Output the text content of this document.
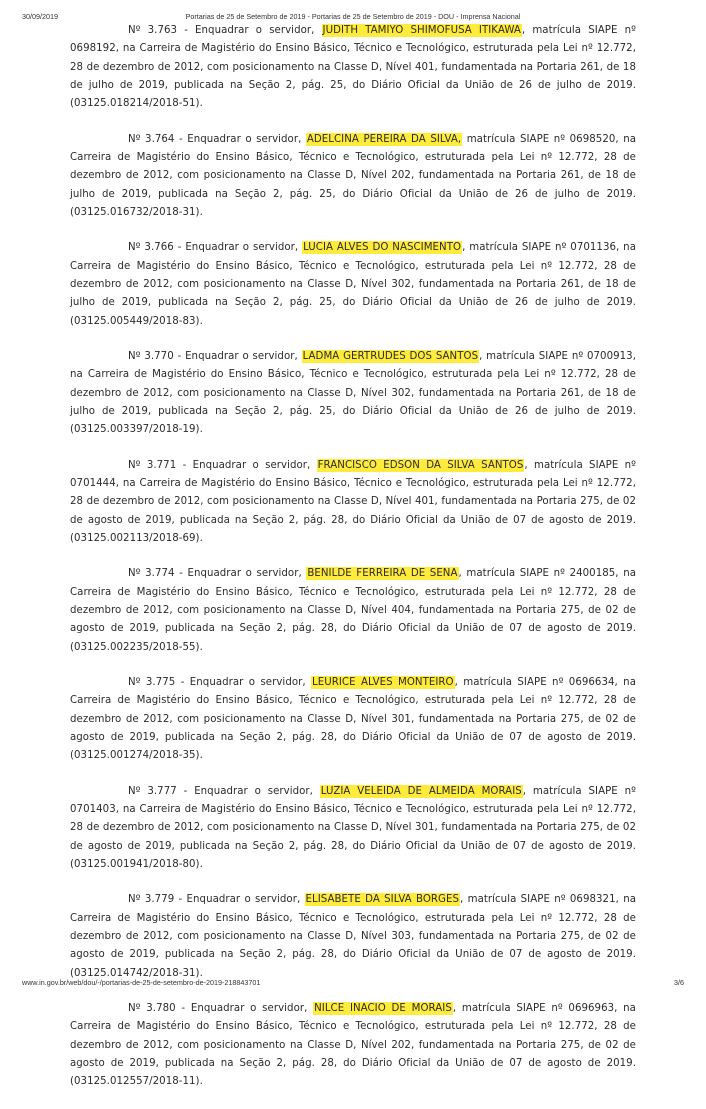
30/09/2019	Portarias de 25 de Setembro de 2019 - Portarias de 25 de Setembro de 2019 - DOU - Imprensa Nacional

Nº 3.763 - Enquadrar o servidor, JUDITH TAMIYO SHIMOFUSA ITIKAWA, matrícula SIAPE nº 0698192, na Carreira de Magistério do Ensino Básico, Técnico e Tecnológico, estruturada pela Lei nº 12.772, 28 de dezembro de 2012, com posicionamento na Classe D, Nível 401, fundamentada na Portaria 261, de 18 de julho de 2019, publicada na Seção 2, pág. 25, do Diário Oficial da União de 26 de julho de 2019. (03125.018214/2018-51).

Nº 3.764 - Enquadrar o servidor, ADELCINA PEREIRA DA SILVA, matrícula SIAPE nº 0698520, na Carreira de Magistério do Ensino Básico, Técnico e Tecnológico, estruturada pela Lei nº 12.772, 28 de dezembro de 2012, com posicionamento na Classe D, Nível 202, fundamentada na Portaria 261, de 18 de julho de 2019, publicada na Seção 2, pág. 25, do Diário Oficial da União de 26 de julho de 2019. (03125.016732/2018-31).

Nº 3.766 - Enquadrar o servidor, LUCIA ALVES DO NASCIMENTO, matrícula SIAPE nº 0701136, na Carreira de Magistério do Ensino Básico, Técnico e Tecnológico, estruturada pela Lei nº 12.772, 28 de dezembro de 2012, com posicionamento na Classe D, Nível 302, fundamentada na Portaria 261, de 18 de julho de 2019, publicada na Seção 2, pág. 25, do Diário Oficial da União de 26 de julho de 2019. (03125.005449/2018-83).

Nº 3.770 - Enquadrar o servidor, LADMA GERTRUDES DOS SANTOS, matrícula SIAPE nº 0700913, na Carreira de Magistério do Ensino Básico, Técnico e Tecnológico, estruturada pela Lei nº 12.772, 28 de dezembro de 2012, com posicionamento na Classe D, Nível 302, fundamentada na Portaria 261, de 18 de julho de 2019, publicada na Seção 2, pág. 25, do Diário Oficial da União de 26 de julho de 2019. (03125.003397/2018-19).

Nº 3.771 - Enquadrar o servidor, FRANCISCO EDSON DA SILVA SANTOS, matrícula SIAPE nº 0701444, na Carreira de Magistério do Ensino Básico, Técnico e Tecnológico, estruturada pela Lei nº 12.772, 28 de dezembro de 2012, com posicionamento na Classe D, Nível 401, fundamentada na Portaria 275, de 02 de agosto de 2019, publicada na Seção 2, pág. 28, do Diário Oficial da União de 07 de agosto de 2019. (03125.002113/2018-69).

Nº 3.774 - Enquadrar o servidor, BENILDE FERREIRA DE SENA, matrícula SIAPE nº 2400185, na Carreira de Magistério do Ensino Básico, Técnico e Tecnológico, estruturada pela Lei nº 12.772, 28 de dezembro de 2012, com posicionamento na Classe D, Nível 404, fundamentada na Portaria 275, de 02 de agosto de 2019, publicada na Seção 2, pág. 28, do Diário Oficial da União de 07 de agosto de 2019. (03125.002235/2018-55).

Nº 3.775 - Enquadrar o servidor, LEURICE ALVES MONTEIRO, matrícula SIAPE nº 0696634, na Carreira de Magistério do Ensino Básico, Técnico e Tecnológico, estruturada pela Lei nº 12.772, 28 de dezembro de 2012, com posicionamento na Classe D, Nível 301, fundamentada na Portaria 275, de 02 de agosto de 2019, publicada na Seção 2, pág. 28, do Diário Oficial da União de 07 de agosto de 2019. (03125.001274/2018-35).

Nº 3.777 - Enquadrar o servidor, LUZIA VELEIDA DE ALMEIDA MORAIS, matrícula SIAPE nº 0701403, na Carreira de Magistério do Ensino Básico, Técnico e Tecnológico, estruturada pela Lei nº 12.772, 28 de dezembro de 2012, com posicionamento na Classe D, Nível 301, fundamentada na Portaria 275, de 02 de agosto de 2019, publicada na Seção 2, pág. 28, do Diário Oficial da União de 07 de agosto de 2019. (03125.001941/2018-80).

Nº 3.779 - Enquadrar o servidor, ELISABETE DA SILVA BORGES, matrícula SIAPE nº 0698321, na Carreira de Magistério do Ensino Básico, Técnico e Tecnológico, estruturada pela Lei nº 12.772, 28 de dezembro de 2012, com posicionamento na Classe D, Nível 303, fundamentada na Portaria 275, de 02 de agosto de 2019, publicada na Seção 2, pág. 28, do Diário Oficial da União de 07 de agosto de 2019. (03125.014742/2018-31).

Nº 3.780 - Enquadrar o servidor, NILCE INACIO DE MORAIS, matrícula SIAPE nº 0696963, na Carreira de Magistério do Ensino Básico, Técnico e Tecnológico, estruturada pela Lei nº 12.772, 28 de dezembro de 2012, com posicionamento na Classe D, Nível 202, fundamentada na Portaria 275, de 02 de agosto de 2019, publicada na Seção 2, pág. 28, do Diário Oficial da União de 07 de agosto de 2019. (03125.012557/2018-11).

www.in.gov.br/web/dou/-/portarias-de-25-de-setembro-de-2019-218843701	3/6
